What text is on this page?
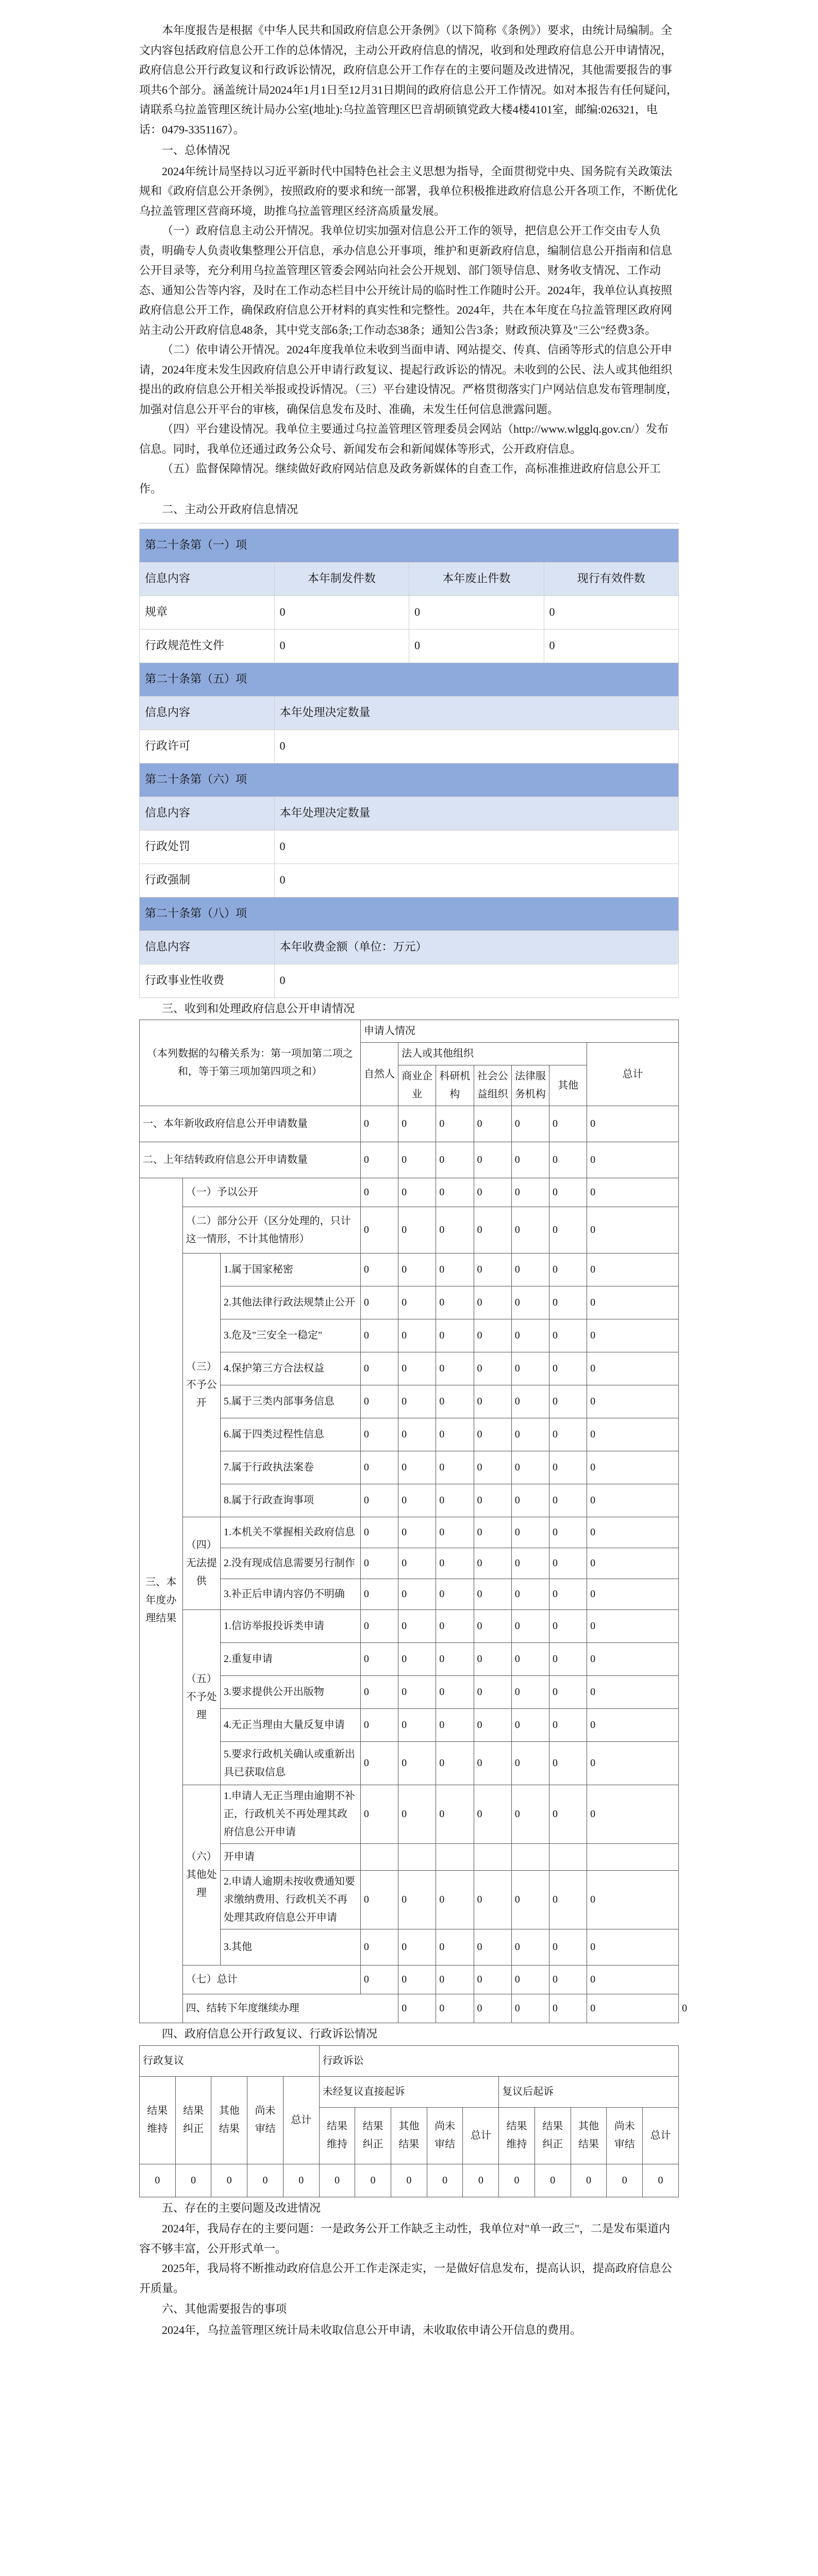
本年度报告是根据《中华人民共和国政府信息公开条例》（以下简称《条例》）要求，由统计局编制。全文内容包括政府信息公开工作的总体情况，主动公开政府信息的情况，收到和处理政府信息公开申请情况，政府信息公开行政复议和行政诉讼情况，政府信息公开工作存在的主要问题及改进情况，其他需要报告的事项共6个部分。涵盖统计局2024年1月1日至12月31日期间的政府信息公开工作情况。如对本报告有任何疑问，请联系乌拉盖管理区统计局办公室(地址):乌拉盖管理区巴音胡硕镇党政大楼4楼4101室，邮编:026321，电话：0479-3351167）。

一、总体情况

2024年统计局坚持以习近平新时代中国特色社会主义思想为指导，全面贯彻党中央、国务院有关政策法规和《政府信息公开条例》，按照政府的要求和统一部署，我单位积极推进政府信息公开各项工作，不断优化乌拉盖管理区营商环境，助推乌拉盖管理区经济高质量发展。

（一）政府信息主动公开情况。我单位切实加强对信息公开工作的领导，把信息公开工作交由专人负责，明确专人负责收集整理公开信息，承办信息公开事项，维护和更新政府信息，编制信息公开指南和信息公开目录等，充分利用乌拉盖管理区管委会网站向社会公开规划、部门领导信息、财务收支情况、工作动态、通知公告等内容，及时在工作动态栏目中公开统计局的临时性工作随时公开。2024年，我单位认真按照政府信息公开工作，确保政府信息公开材料的真实性和完整性。2024年，共在本年度在乌拉盖管理区政府网站主动公开政府信息48条，其中党支部6条;工作动态38条；通知公告3条；财政预决算及"三公"经费3条。

（二）依申请公开情况。2024年度我单位未收到当面申请、网站提交、传真、信函等形式的信息公开申请，2024年度未发生因政府信息公开申请行政复议、提起行政诉讼的情况。未收到的公民、法人或其他组织提出的政府信息公开相关举报或投诉情况。（三）平台建设情况。严格贯彻落实门户网站信息发布管理制度，加强对信息公开平台的审核，确保信息发布及时、准确，未发生任何信息泄露问题。

（四）平台建设情况。我单位主要通过乌拉盖管理区管理委员会网站（http://www.wlgglq.gov.cn/）发布信息。同时，我单位还通过政务公众号、新闻发布会和新闻媒体等形式，公开政府信息。

（五）监督保障情况。继续做好政府网站信息及政务新媒体的自查工作，高标准推进政府信息公开工作。

二、主动公开政府信息情况
第二十条第（一）项			
信息内容	本年制发件数	本年废止件数	现行有效件数
规章	0	0	0
行政规范性文件	0	0	0
第二十条第（五）项			
信息内容	本年处理决定数量		
行政许可	0		
第二十条第（六）项			
信息内容	本年处理决定数量		
行政处罚	0		
行政强制	0		
第二十条第（八）项			
信息内容	本年收费金额（单位：万元）		
行政事业性收费	0		
三、收到和处理政府信息公开申请情况
（本列数据的勾稽关系为：第一项加第二项之和，等于第三项加第四项之和）			申请人情况							
			自然人	法人或其他组织					总计	
				商业企业	科研机构	社会公益组织	法律服务机构	其他		
一、本年新收政府信息公开申请数量			0	0	0	0	0	0	0	
二、上年结转政府信息公开申请数量			0	0	0	0	0	0	0	
三、本年度办理结果	（一）予以公开		0	0	0	0	0	0	0	
	（二）部分公开（区分处理的，只计这一情形，不计其他情形）		0	0	0	0	0	0	0	
	（三）不予公开	1.属于国家秘密	0	0	0	0	0	0	0	
		2.其他法律行政法规禁止公开	0	0	0	0	0	0	0	
		3.危及"三安全一稳定"	0	0	0	0	0	0	0	
		4.保护第三方合法权益	0	0	0	0	0	0	0	
		5.属于三类内部事务信息	0	0	0	0	0	0	0	
		6.属于四类过程性信息	0	0	0	0	0	0	0	
		7.属于行政执法案卷	0	0	0	0	0	0	0	
		8.属于行政查询事项	0	0	0	0	0	0	0	
	（四）无法提供	1.本机关不掌握相关政府信息	0	0	0	0	0	0	0	
		2.没有现成信息需要另行制作	0	0	0	0	0	0	0	
		3.补正后申请内容仍不明确	0	0	0	0	0	0	0	
	（五）不予处理	1.信访举报投诉类申请	0	0	0	0	0	0	0	
		2.重复申请	0	0	0	0	0	0	0	
		3.要求提供公开出版物	0	0	0	0	0	0	0	
		4.无正当理由大量反复申请	0	0	0	0	0	0	0	
		5.要求行政机关确认或重新出具已获取信息	0	0	0	0	0	0	0	
	（六）其他处理	1.申请人无正当理由逾期不补正，行政机关不再处理其政府信息公开申请	0	0	0	0	0	0	0	
		开申请								
		2.申请人逾期未按收费通知要求缴纳费用、行政机关不再处理其政府信息公开申请	0	0	0	0	0	0	0	
		3.其他	0	0	0	0	0	0	0	
	（七）总计		0	0	0	0	0	0	0	
	四、结转下年度继续办理			0	0	0	0	0	0	0
四、政府信息公开行政复议、行政诉讼情况
行政复议					行政诉讼									
结果维持	结果纠正	其他结果	尚未审结	总计	未经复议直接起诉					复议后起诉				
					结果维持	结果纠正	其他结果	尚未审结	总计	结果维持	结果纠正	其他结果	尚未审结	总计
0	0	0	0	0	0	0	0	0	0	0	0	0	0	0
五、存在的主要问题及改进情况

2024年，我局存在的主要问题：一是政务公开工作缺乏主动性，我单位对"单一政三"，二是发布渠道内容不够丰富，公开形式单一。

2025年，我局将不断推动政府信息公开工作走深走实，一是做好信息发布，提高认识，提高政府信息公开质量。

六、其他需要报告的事项

2024年，乌拉盖管理区统计局未收取信息公开申请，未收取依申请公开信息的费用。
